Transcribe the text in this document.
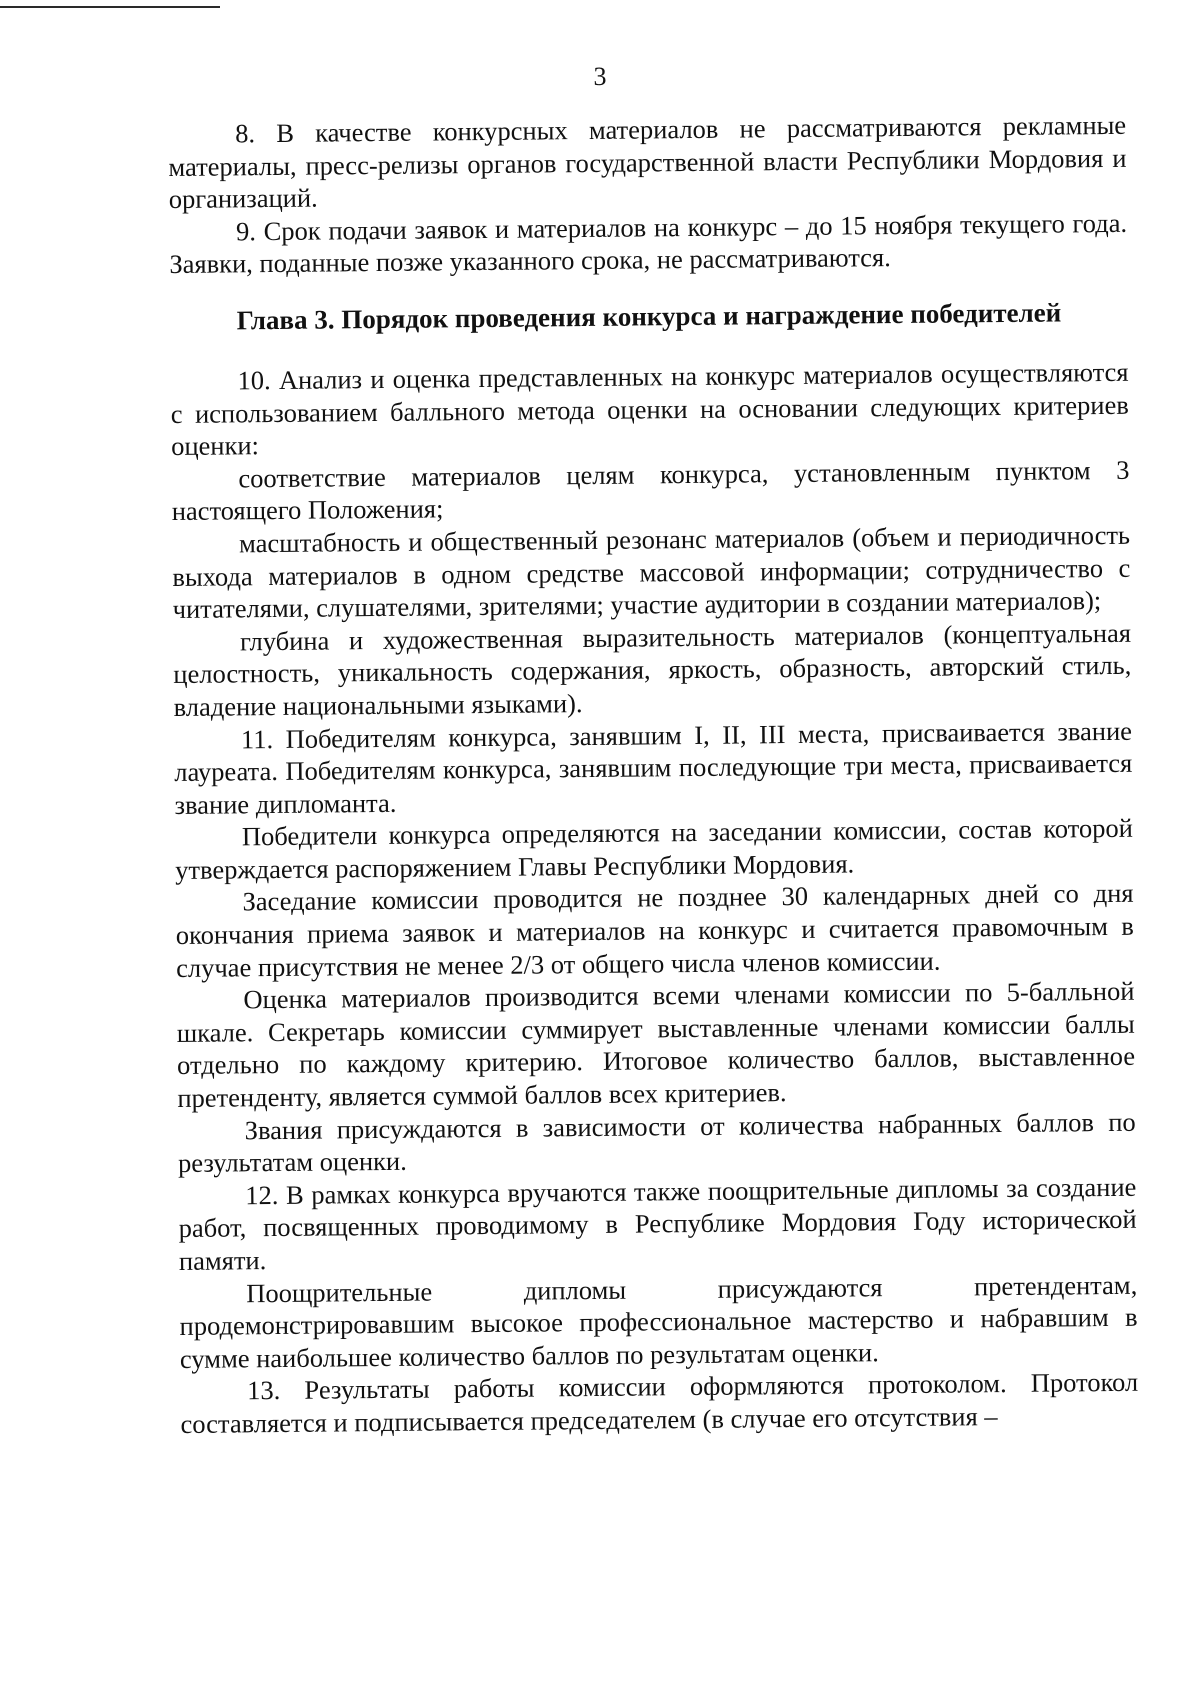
3

8. В качестве конкурсных материалов не рассматриваются рекламные материалы, пресс-релизы органов государственной власти Республики Мордовия и организаций.

9. Срок подачи заявок и материалов на конкурс – до 15 ноября текущего года. Заявки, поданные позже указанного срока, не рассматриваются.

Глава 3. Порядок проведения конкурса и награждение победителей

10. Анализ и оценка представленных на конкурс материалов осуществляются с использованием балльного метода оценки на основании следующих критериев оценки:

соответствие материалов целям конкурса, установленным пунктом 3 настоящего Положения;

масштабность и общественный резонанс материалов (объем и периодичность выхода материалов в одном средстве массовой информации; сотрудничество с читателями, слушателями, зрителями; участие аудитории в создании материалов);

глубина и художественная выразительность материалов (концептуальная целостность, уникальность содержания, яркость, образность, авторский стиль, владение национальными языками).

11. Победителям конкурса, занявшим I, II, III места, присваивается звание лауреата. Победителям конкурса, занявшим последующие три места, присваивается звание дипломанта.

Победители конкурса определяются на заседании комиссии, состав которой утверждается распоряжением Главы Республики Мордовия.

Заседание комиссии проводится не позднее 30 календарных дней со дня окончания приема заявок и материалов на конкурс и считается правомочным в случае присутствия не менее 2/3 от общего числа членов комиссии.

Оценка материалов производится всеми членами комиссии по 5-балльной шкале. Секретарь комиссии суммирует выставленные членами комиссии баллы отдельно по каждому критерию. Итоговое количество баллов, выставленное претенденту, является суммой баллов всех критериев.

Звания присуждаются в зависимости от количества набранных баллов по результатам оценки.

12. В рамках конкурса вручаются также поощрительные дипломы за создание работ, посвященных проводимому в Республике Мордовия Году исторической памяти.

Поощрительные дипломы присуждаются претендентам, продемонстрировавшим высокое профессиональное мастерство и набравшим в сумме наибольшее количество баллов по результатам оценки.

13. Результаты работы комиссии оформляются протоколом. Протокол составляется и подписывается председателем (в случае его отсутствия –
